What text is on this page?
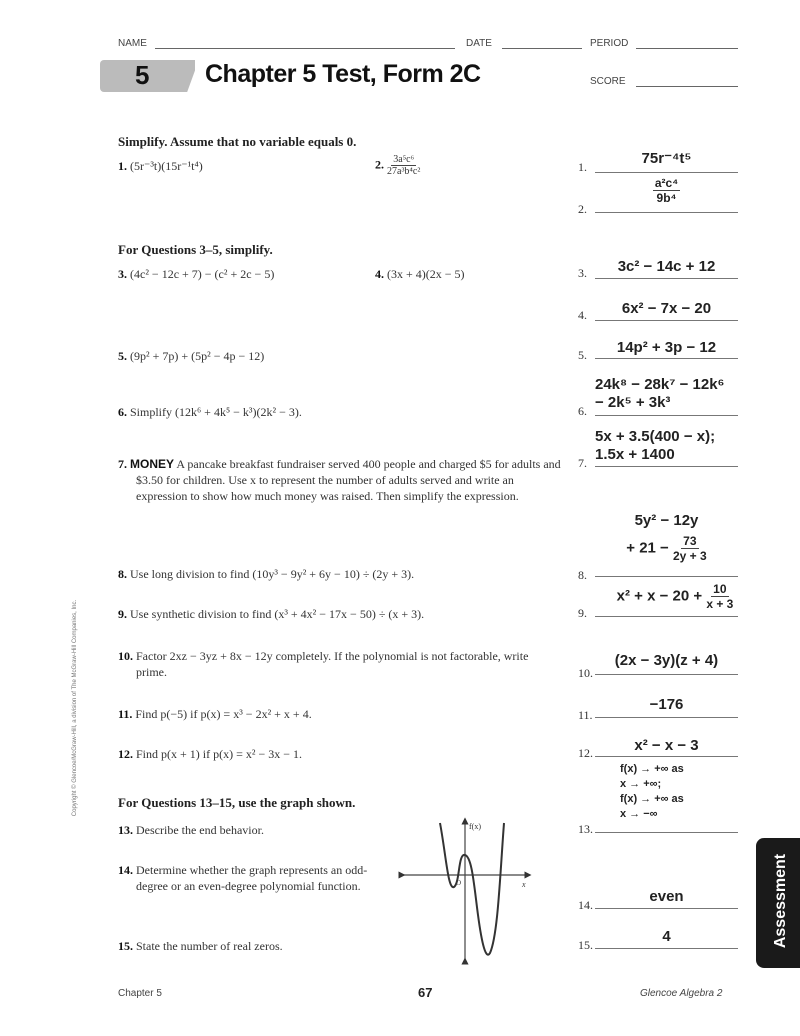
NAME	DATE	PERIOD
5 Chapter 5 Test, Form 2C	SCORE
Copyright © Glencoe/McGraw-Hill, a division of The McGraw-Hill Companies, Inc.
Simplify. Assume that no variable equals 0.
For Questions 3–5, simplify.
For Questions 13–15, use the graph shown.
1. (5r⁻³t)(15r⁻¹t⁴)	2. $\frac{\text{3a⁵c⁶}}{\text{27a³b⁴c²}}$
3. (4c² − 12c + 7) − (c² + 2c − 5)	4. (3x + 4)(2x − 5)
5. (9p² + 7p) + (5p² − 4p − 12)
6. Simplify (12k⁶ + 4k⁵ − k³)(2k² − 3).
7. MONEY A pancake breakfast fundraiser served 400 people and charged $5 for adults and $3.50 for children. Use x to represent the number of adults served and write an expression to show how much money was raised. Then simplify the expression.
8. Use long division to find (10y³ − 9y² + 6y − 10) ÷ (2y + 3).
9. Use synthetic division to find (x³ + 4x² − 17x − 50) ÷ (x + 3).
10. Factor 2xz − 3yz + 8x − 12y completely. If the polynomial is not factorable, write prime.
11. Find p(−5) if p(x) = x³ − 2x² + x + 4.
12. Find p(x + 1) if p(x) = x² − 3x − 1.
13. Describe the end behavior.
14. Determine whether the graph represents an odd-degree or an even-degree polynomial function.
15. State the number of real zeros.
f(x)
x
O
1.	75r⁻⁴t⁵
2.
$\frac{\text{a²c⁴}}{\text{9b⁴}}$
3.	3c² − 14c + 12
4.	6x² − 7x − 20
5.	14p² + 3p − 12
6.
24k⁸ − 28k⁷ − 12k⁶
− 2k⁵ + 3k³
7.
5x + 3.5(400 − x);
1.5x + 1400
8.
5y² − 12y
+ $21 - \frac{73}{2y + 3}$
9.
$x^2 + x - 20 + \frac{10}{x + 3}$
10.
(2x − 3y)(z + 4)
11.
−176
12.	x² − x − 3
13.
f(x) → +∞ as
x → +∞;
f(x) → +∞ as
x → −∞
14.	even
15.	4	Assessment
Chapter 5	67	Glencoe Algebra 2
